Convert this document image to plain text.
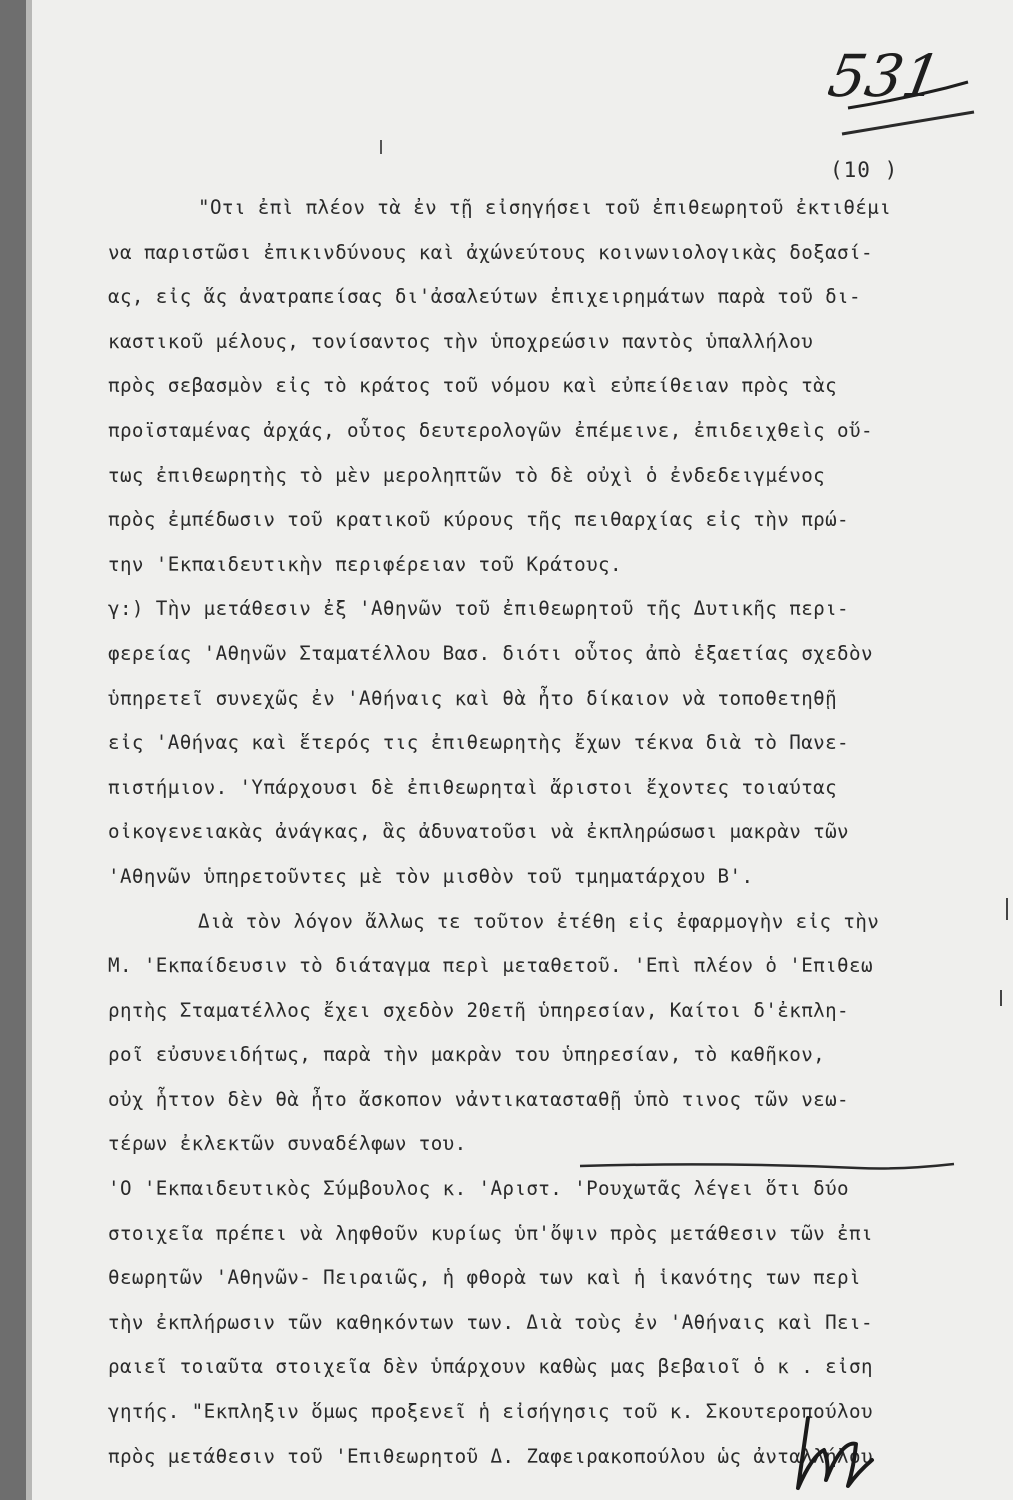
531
(10 )
"Οτι ἐπὶ πλέον τὰ ἐν τῇ εἰσηγήσει τοῦ ἐπιθεωρητοῦ ἐκτιθέμι
να παριστῶσι ἐπικινδύνους καὶ ἀχώνεύτους κοινωνιολογικὰς δοξασί-
ας, εἰς ἅς ἀνατραπείσας δι'ἀσαλεύτων ἐπιχειρημάτων παρὰ τοῦ δι-
καστικοῦ μέλους, τονίσαντος τὴν ὑποχρεώσιν παντὸς ὑπαλλήλου
πρὸς σεβασμὸν εἰς τὸ κράτος τοῦ νόμου καὶ εὐπείθειαν πρὸς τὰς
προϊσταμένας ἀρχάς, οὗτος δευτερολογῶν ἐπέμεινε, ἐπιδειχθεὶς οὕ-
τως ἐπιθεωρητὴς τὸ μὲν μεροληπτῶν τὸ δὲ οὐχὶ ὁ ἐνδεδειγμένος
πρὸς ἐμπέδωσιν τοῦ κρατικοῦ κύρους τῆς πειθαρχίας εἰς τὴν πρώ-
την 'Εκπαιδευτικὴν περιφέρειαν τοῦ Κράτους.
γ:) Τὴν μετάθεσιν ἐξ 'Αθηνῶν τοῦ ἐπιθεωρητοῦ τῆς Δυτικῆς περι-
φερείας 'Αθηνῶν Σταματέλλου Βασ. διότι οὗτος ἀπὸ ἑξαετίας σχεδὸν
ὑπηρετεῖ συνεχῶς ἐν 'Αθήναις καὶ θὰ ἦτο δίκαιον νὰ τοποθετηθῇ
εἰς 'Αθήνας καὶ ἕτερός τις ἐπιθεωρητὴς ἔχων τέκνα διὰ τὸ Πανε-
πιστήμιον. 'Υπάρχουσι δὲ ἐπιθεωρηταὶ ἄριστοι ἔχοντες τοιαύτας
οἰκογενειακὰς ἀνάγκας, ἃς ἀδυνατοῦσι νὰ ἐκπληρώσωσι μακρὰν τῶν
'Αθηνῶν ὑπηρετοῦντες μὲ τὸν μισθὸν τοῦ τμηματάρχου Β'.
Διὰ τὸν λόγον ἄλλως τε τοῦτον ἐτέθη εἰς ἐφαρμογὴν εἰς τὴν
Μ. 'Εκπαίδευσιν τὸ διάταγμα περὶ μεταθετοῦ. 'Επὶ πλέον ὁ 'Επιθεω
ρητὴς Σταματέλλος ἔχει σχεδὸν 20ετῆ ὑπηρεσίαν, Καίτοι δ'ἐκπλη-
ροῖ εὐσυνειδήτως, παρὰ τὴν μακρὰν του ὑπηρεσίαν, τὸ καθῆκον,
οὐχ ἧττον δὲν θὰ ἦτο ἄσκοπον νἀντικατασταθῇ ὑπὸ τινος τῶν νεω-
τέρων ἐκλεκτῶν συναδέλφων του.
'Ο 'Εκπαιδευτικὸς Σύμβουλος κ. 'Αριστ. 'Ρουχωτᾶς λέγει ὅτι δύο
στοιχεῖα πρέπει νὰ ληφθοῦν κυρίως ὑπ'ὄψιν πρὸς μετάθεσιν τῶν ἐπι
θεωρητῶν 'Αθηνῶν- Πειραιῶς, ἡ φθορὰ των καὶ ἡ ἱκανότης των περὶ
τὴν ἐκπλήρωσιν τῶν καθηκόντων των. Διὰ τοὺς ἐν 'Αθήναις καὶ Πει-
ραιεῖ τοιαῦτα στοιχεῖα δὲν ὑπάρχουν καθὼς μας βεβαιοῖ ὁ κ . εἰση
γητής. "Εκπληξιν ὅμως προξενεῖ ἡ εἰσήγησις τοῦ κ. Σκουτεροπούλου
πρὸς μετάθεσιν τοῦ 'Επιθεωρητοῦ Δ. Ζαφειρακοπούλου ὡς ἀνταλλήλου
